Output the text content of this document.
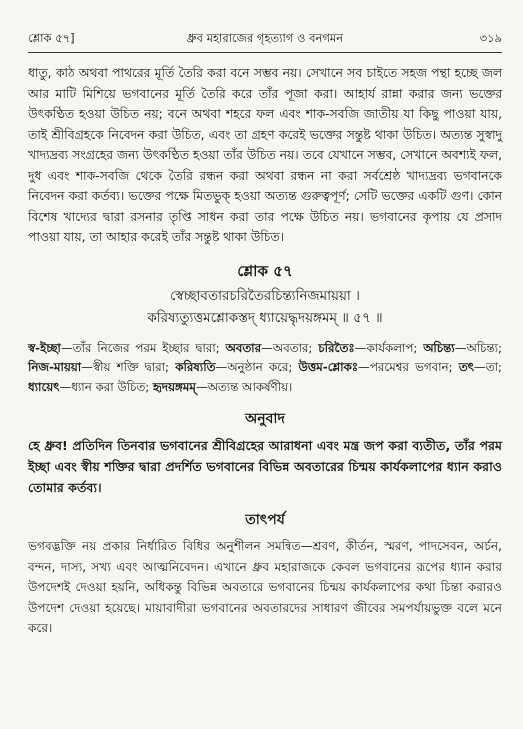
শ্লোক ৫৭]	ধ্রুব মহারাজের গৃহত্যাগ ও বনগমন	৩১৯

ধাতু, কাঠ অথবা পাথরের মূর্তি তৈরি করা বনে সম্ভব নয়। সেখানে সব চাইতে সহজ পন্থা হচ্ছে জল আর মাটি মিশিয়ে ভগবানের মূর্তি তৈরি করে তাঁর পূজা করা। আহার্য রান্না করার জন্য ভক্তের উৎকণ্ঠিত হওয়া উচিত নয়; বনে অথবা শহরে ফল এবং শাক-সবজি জাতীয় যা কিছু পাওয়া যায়, তাই শ্রীবিগ্রহকে নিবেদন করা উচিত, এবং তা গ্রহণ করেই ভক্তের সন্তুষ্ট থাকা উচিত। অত্যন্ত সুস্বাদু খাদ্যদ্রব্য সংগ্রহের জন্য উৎকণ্ঠিত হওয়া তাঁর উচিত নয়। তবে যেখানে সম্ভব, সেখানে অবশ্যই ফল, দুধ এবং শাক-সবজি থেকে তৈরি রন্ধন করা অথবা রন্ধন না করা সর্বশ্রেষ্ঠ খাদ্যদ্রব্য ভগবানকে নিবেদন করা কর্তব্য। ভক্তের পক্ষে মিতভুক্ হওয়া অত্যন্ত গুরুত্বপূর্ণ; সেটি ভক্তের একটি গুণ। কোন বিশেষ খাদ্যের দ্বারা রসনার তৃপ্তি সাধন করা তার পক্ষে উচিত নয়। ভগবানের কৃপায় যে প্রসাদ পাওয়া যায়, তা আহার করেই তাঁর সন্তুষ্ট থাকা উচিত।

শ্লোক ৫৭
স্বেচ্ছাবতারচরিতৈরচিন্ত্যনিজমায়য়া ।
করিষ্যত্যুত্তমশ্লোকস্তদ্ ধ্যায়েদ্ধৃদয়ঙ্গমম্ ॥ ৫৭ ॥
স্ব-ইচ্ছা—তাঁর নিজের পরম ইচ্ছার দ্বারা; অবতার—অবতার; চরিতৈঃ—কার্যকলাপ; অচিন্ত্য—অচিন্ত্য; নিজ-মায়য়া—স্বীয় শক্তি দ্বারা; করিষ্যতি—অনুষ্ঠান করে; উত্তম-শ্লোকঃ—পরমেশ্বর ভগবান; তৎ—তা; ধ্যায়েৎ—ধ্যান করা উচিত; হৃদয়ঙ্গমম্—অত্যন্ত আকর্ষণীয়।
অনুবাদ

হে ধ্রুব! প্রতিদিন তিনবার ভগবানের শ্রীবিগ্রহের আরাধনা এবং মন্ত্র জপ করা ব্যতীত, তাঁর পরম ইচ্ছা এবং স্বীয় শক্তির দ্বারা প্রদর্শিত ভগবানের বিভিন্ন অবতারের চিন্ময় কার্যকলাপের ধ্যান করাও তোমার কর্তব্য।

তাৎপর্য

ভগবদ্ভক্তি নয় প্রকার নির্ধারিত বিধির অনুশীলন সমন্বিত—শ্রবণ, কীর্তন, স্মরণ, পাদসেবন, অর্চন, বন্দন, দাস্য, সখ্য এবং আত্মনিবেদন। এখানে ধ্রুব মহারাজকে কেবল ভগবানের রূপের ধ্যান করার উপদেশই দেওয়া হয়নি, অধিকন্তু বিভিন্ন অবতারে ভগবানের চিন্ময় কার্যকলাপের কথা চিন্তা করারও উপদেশ দেওয়া হয়েছে। মায়াবাদীরা ভগবানের অবতারদের সাধারণ জীবের সমপর্যায়ভুক্ত বলে মনে করে।
